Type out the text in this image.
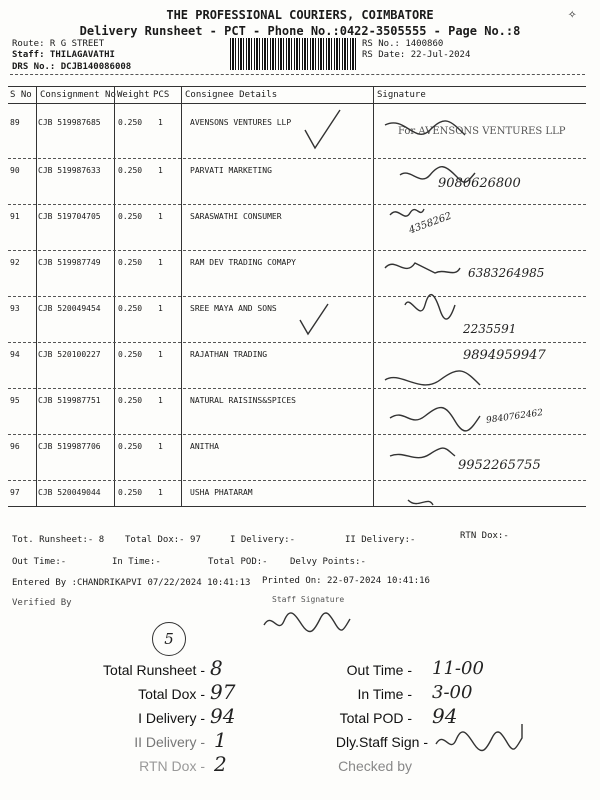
✧
THE PROFESSIONAL COURIERS, COIMBATORE
Delivery Runsheet - PCT - Phone No.:0422-3505555 - Page No.:8
Route: R G STREET
Staff: THILAGAVATHI
DRS No.: DCJB140086008
RS No.: 1400860
RS Date: 22-Jul-2024
S No Consignment No Weight PCS Consignee Details	Signature
89 CJB 519987685 0.250 1	AVENSONS VENTURES LLP
For AVENSONS VENTURES LLP
90 CJB 519987633 0.250 1	PARVATI MARKETING
9080626800
91 CJB 519704705 0.250 1	SARASWATHI CONSUMER	4358262
92 CJB 519987749 0.250 1	RAM DEV TRADING COMAPY
6383264985
93 CJB 520049454 0.250 1	SREE MAYA AND SONS
2235591
94 CJB 520100227 0.250 1	RAJATHAN TRADING	9894959947
95 CJB 519987751 0.250 1	NATURAL RAISINS&SPICES
9840762462
96 CJB 519987706 0.250 1	ANITHA
9952265755
97 CJB 520049044 0.250 1	USHA PHATARAM
Tot. Runsheet:- 8 Total Dox:- 97	I Delivery:-	II Delivery:-	RTN Dox:-
Out Time:-	In Time:-	Total POD:- Delvy Points:-
Entered By :CHANDRIKAPVI 07/22/2024 10:41:13 Printed On: 22-07-2024 10:41:16
Verified By	Staff Signature
5
Total Runsheet - 8
Total Dox - 97
I Delivery - 94
II Delivery - 1
RTN Dox - 2
Out Time - 11-00
In Time - 3-00
Total POD - 94
Dly.Staff Sign -
Checked by
